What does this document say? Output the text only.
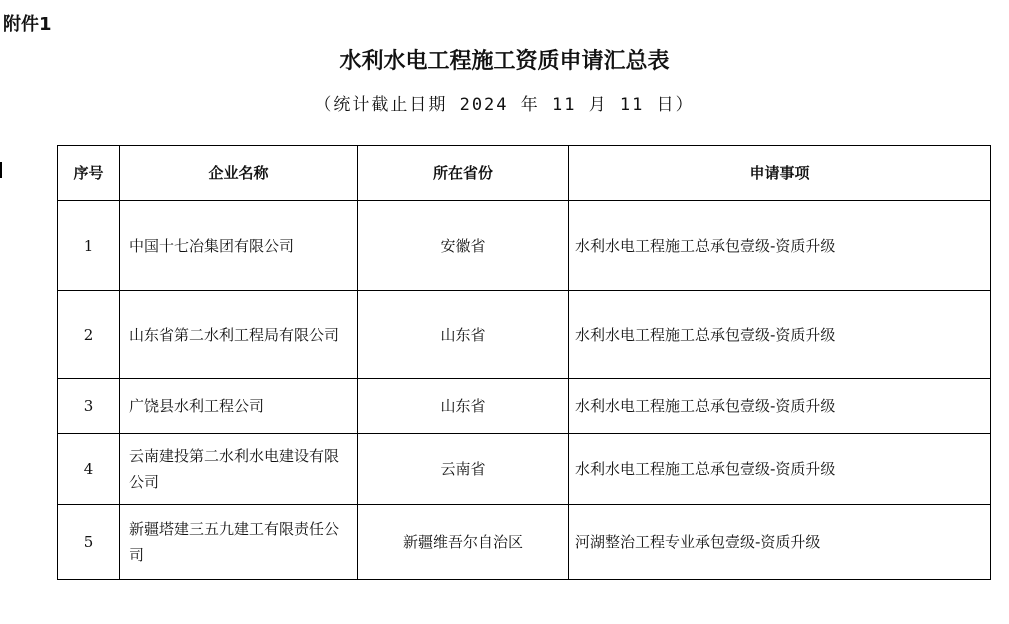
附件1
水利水电工程施工资质申请汇总表
（统计截止日期 2024 年 11 月 11 日）
序号	企业名称	所在省份	申请事项
1	中国十七冶集团有限公司	安徽省	水利水电工程施工总承包壹级-资质升级
2	山东省第二水利工程局有限公司	山东省	水利水电工程施工总承包壹级-资质升级
3	广饶县水利工程公司	山东省	水利水电工程施工总承包壹级-资质升级
4	云南建投第二水利水电建设有限公司	云南省	水利水电工程施工总承包壹级-资质升级
5	新疆塔建三五九建工有限责任公司	新疆维吾尔自治区	河湖整治工程专业承包壹级-资质升级
